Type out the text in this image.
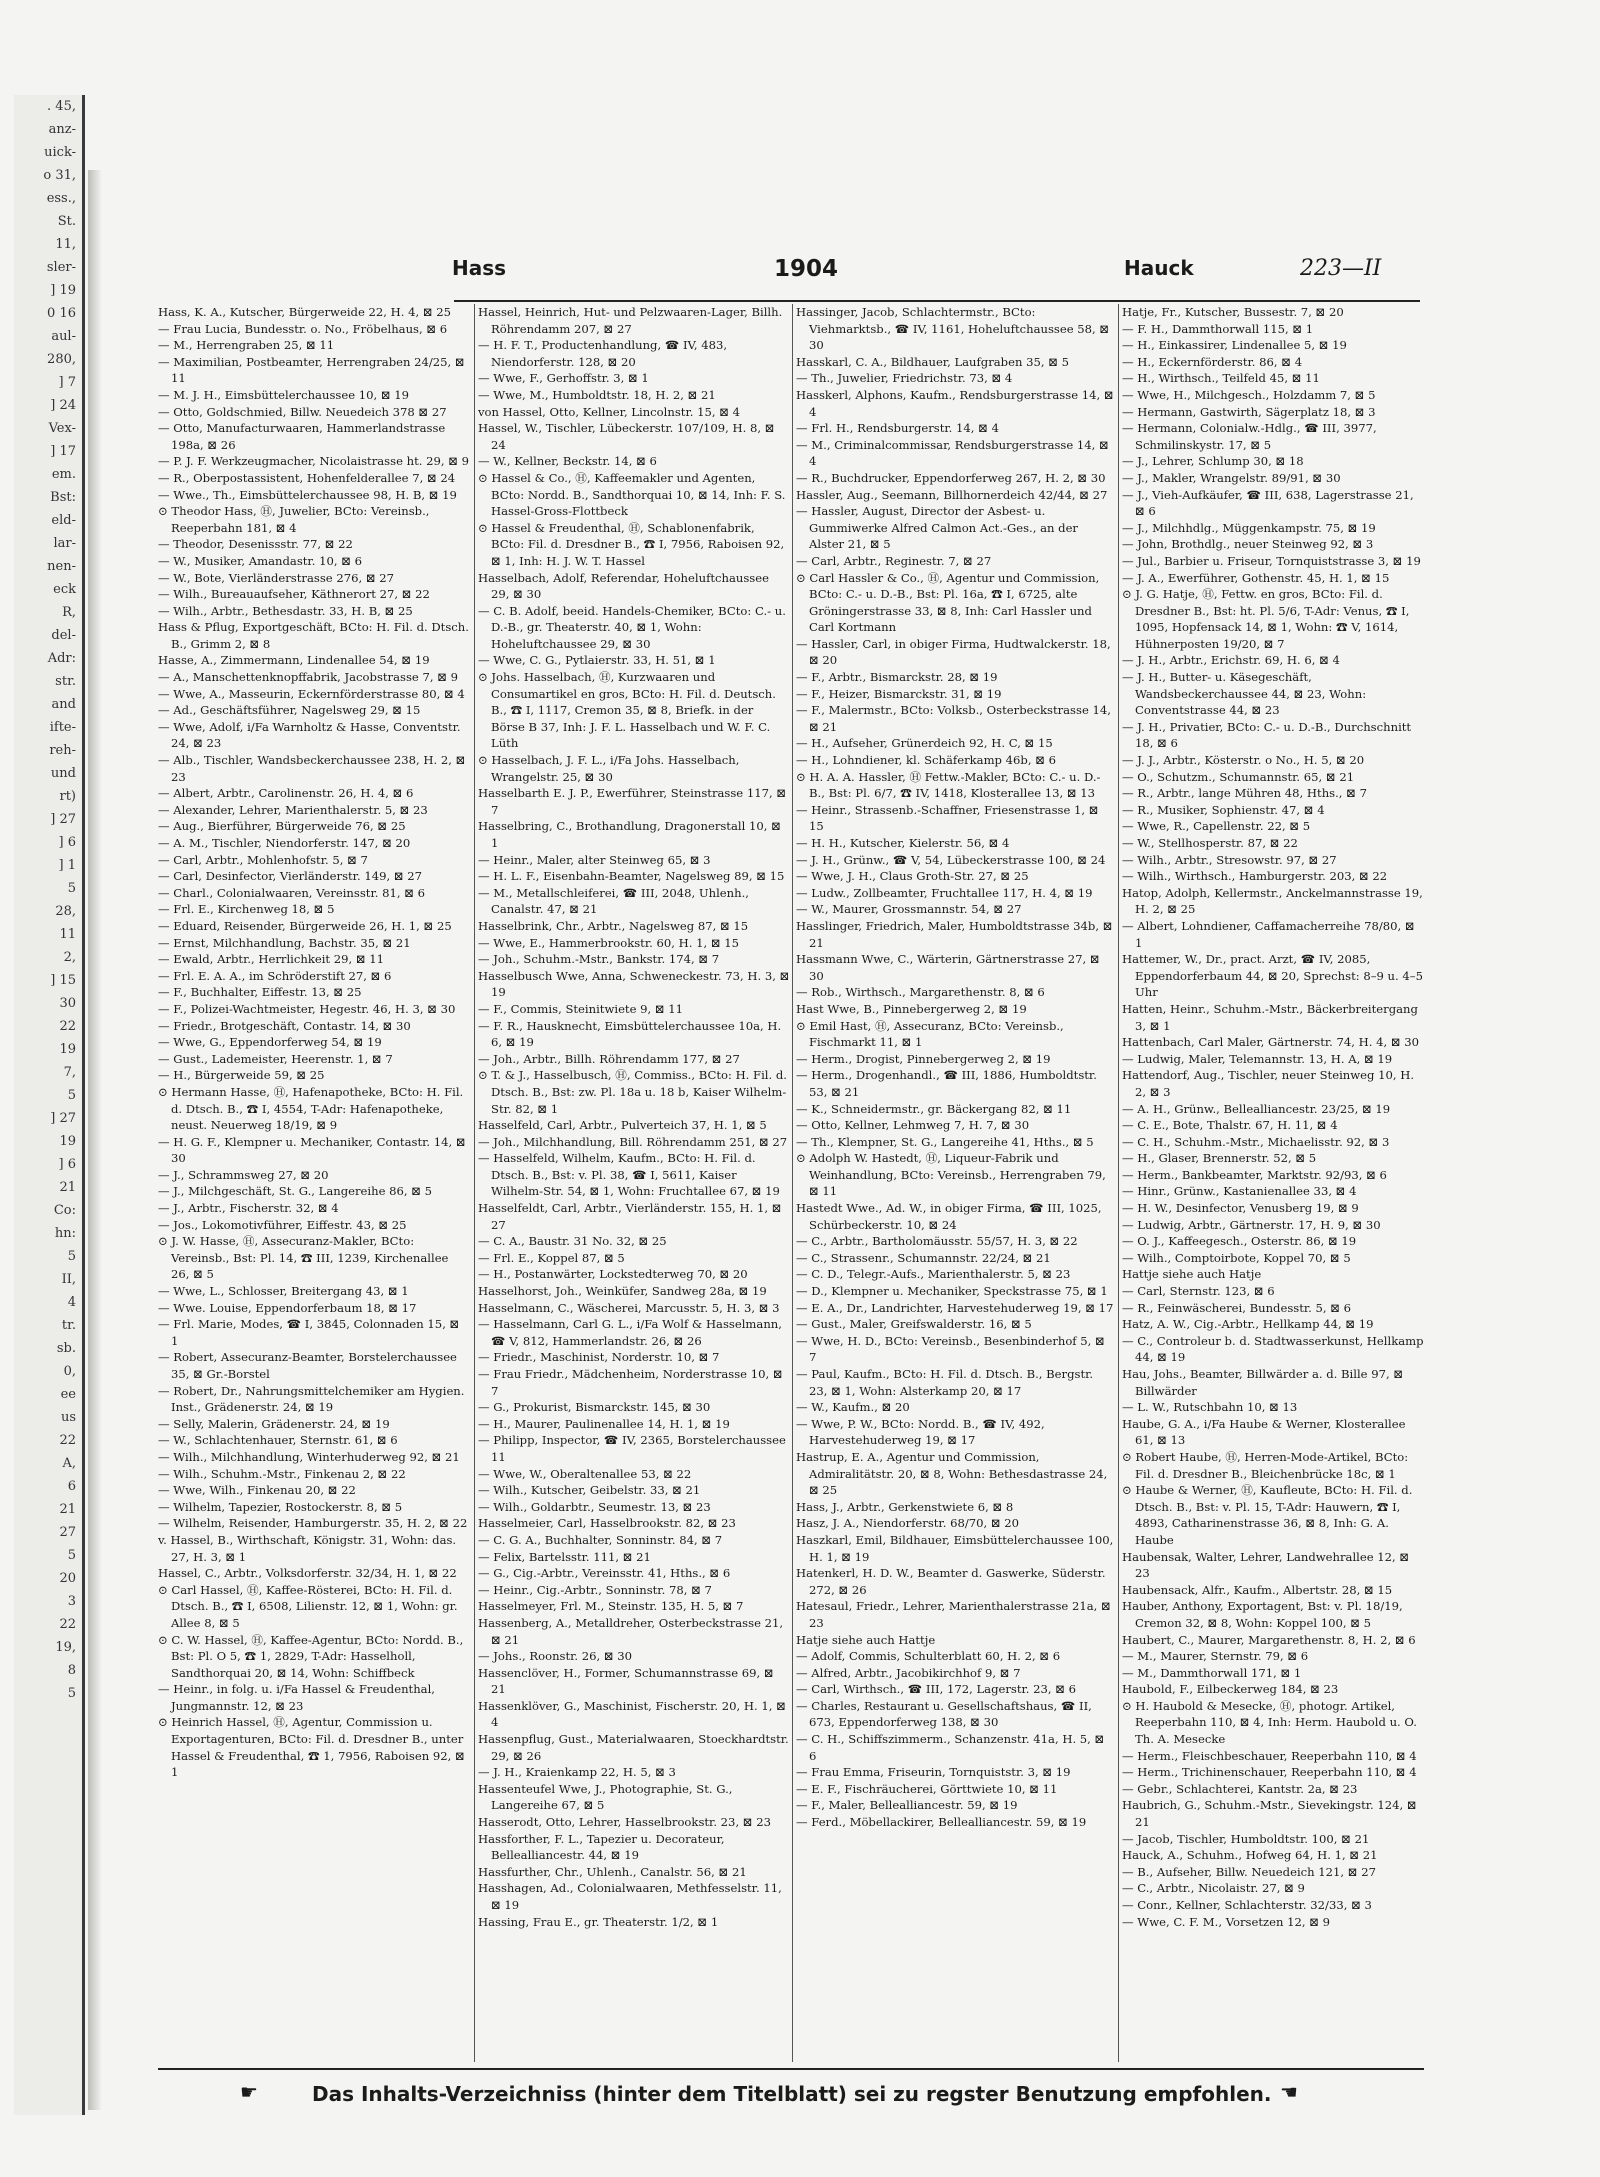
. 45,
anz-
uick-
o 31,
ess.,
St.
11,
sler-
] 19
0 16
aul-
280,
] 7
] 24
Vex-
] 17
em.
Bst:
eld-
lar-
nen-
eck
R,
del-
Adr:
str.
and
ifte-
reh-
und
rt)
] 27
] 6
] 1
5
28,
11
2,
] 15
30
22
19
7,
5
] 27
19
] 6
21
Co:
hn:
5
II,
4
tr.
sb.
0,
ee
us
22
A,
6
21
27
5
20
3
22
19,
8
5
Hass	1904	Hauck	223—II

Hass, K. A., Kutscher, Bürgerweide 22, H. 4, ⊠ 25

— Frau Lucia, Bundesstr. o. No., Fröbelhaus, ⊠ 6

— M., Herrengraben 25, ⊠ 11

— Maximilian, Postbeamter, Herrengraben 24/25, ⊠ 11

— M. J. H., Eimsbüttelerchaussee 10, ⊠ 19

— Otto, Goldschmied, Billw. Neuedeich 378 ⊠ 27

— Otto, Manufacturwaaren, Hammerlandstrasse 198a, ⊠ 26

— P. J. F. Werkzeugmacher, Nicolaistrasse ht. 29, ⊠ 9

— R., Oberpostassistent, Hohenfelderallee 7, ⊠ 24

— Wwe., Th., Eimsbüttelerchaussee 98, H. B, ⊠ 19

⊙ Theodor Hass, Ⓗ, Juwelier, BCto: Vereinsb., Reeperbahn 181, ⊠ 4

— Theodor, Desenissstr. 77, ⊠ 22

— W., Musiker, Amandastr. 10, ⊠ 6

— W., Bote, Vierländerstrasse 276, ⊠ 27

— Wilh., Bureauaufseher, Käthnerort 27, ⊠ 22

— Wilh., Arbtr., Bethesdastr. 33, H. B, ⊠ 25

Hass & Pflug, Exportgeschäft, BCto: H. Fil. d. Dtsch. B., Grimm 2, ⊠ 8

Hasse, A., Zimmermann, Lindenallee 54, ⊠ 19

— A., Manschettenknopffabrik, Jacobstrasse 7, ⊠ 9

— Wwe, A., Masseurin, Eckernförderstrasse 80, ⊠ 4

— Ad., Geschäftsführer, Nagelsweg 29, ⊠ 15

— Wwe, Adolf, i/Fa Warnholtz & Hasse, Conventstr. 24, ⊠ 23

— Alb., Tischler, Wandsbeckerchaussee 238, H. 2, ⊠ 23

— Albert, Arbtr., Carolinenstr. 26, H. 4, ⊠ 6

— Alexander, Lehrer, Marienthalerstr. 5, ⊠ 23

— Aug., Bierführer, Bürgerweide 76, ⊠ 25

— A. M., Tischler, Niendorferstr. 147, ⊠ 20

— Carl, Arbtr., Mohlenhofstr. 5, ⊠ 7

— Carl, Desinfector, Vierländerstr. 149, ⊠ 27

— Charl., Colonialwaaren, Vereinsstr. 81, ⊠ 6

— Frl. E., Kirchenweg 18, ⊠ 5

— Eduard, Reisender, Bürgerweide 26, H. 1, ⊠ 25

— Ernst, Milchhandlung, Bachstr. 35, ⊠ 21

— Ewald, Arbtr., Herrlichkeit 29, ⊠ 11

— Frl. E. A. A., im Schröderstift 27, ⊠ 6

— F., Buchhalter, Eiffestr. 13, ⊠ 25

— F., Polizei-Wachtmeister, Hegestr. 46, H. 3, ⊠ 30

— Friedr., Brotgeschäft, Contastr. 14, ⊠ 30

— Wwe, G., Eppendorferweg 54, ⊠ 19

— Gust., Lademeister, Heerenstr. 1, ⊠ 7

— H., Bürgerweide 59, ⊠ 25

⊙ Hermann Hasse, Ⓗ, Hafenapotheke, BCto: H. Fil. d. Dtsch. B., ☎ I, 4554, T-Adr: Hafenapotheke, neust. Neuerweg 18/19, ⊠ 9

— H. G. F., Klempner u. Mechaniker, Contastr. 14, ⊠ 30

— J., Schrammsweg 27, ⊠ 20

— J., Milchgeschäft, St. G., Langereihe 86, ⊠ 5

— J., Arbtr., Fischerstr. 32, ⊠ 4

— Jos., Lokomotivführer, Eiffestr. 43, ⊠ 25

⊙ J. W. Hasse, Ⓗ, Assecuranz-Makler, BCto: Vereinsb., Bst: Pl. 14, ☎ III, 1239, Kirchenallee 26, ⊠ 5

— Wwe, L., Schlosser, Breitergang 43, ⊠ 1

— Wwe. Louise, Eppendorferbaum 18, ⊠ 17

— Frl. Marie, Modes, ☎ I, 3845, Colonnaden 15, ⊠ 1

— Robert, Assecuranz-Beamter, Borstelerchaussee 35, ⊠ Gr.-Borstel

— Robert, Dr., Nahrungsmittelchemiker am Hygien. Inst., Grädenerstr. 24, ⊠ 19

— Selly, Malerin, Grädenerstr. 24, ⊠ 19

— W., Schlachtenhauer, Sternstr. 61, ⊠ 6

— Wilh., Milchhandlung, Winterhuderweg 92, ⊠ 21

— Wilh., Schuhm.-Mstr., Finkenau 2, ⊠ 22

— Wwe, Wilh., Finkenau 20, ⊠ 22

— Wilhelm, Tapezier, Rostockerstr. 8, ⊠ 5

— Wilhelm, Reisender, Hamburgerstr. 35, H. 2, ⊠ 22

v. Hassel, B., Wirthschaft, Königstr. 31, Wohn: das. 27, H. 3, ⊠ 1

Hassel, C., Arbtr., Volksdorferstr. 32/34, H. 1, ⊠ 22

⊙ Carl Hassel, Ⓗ, Kaffee-Rösterei, BCto: H. Fil. d. Dtsch. B., ☎ I, 6508, Lilienstr. 12, ⊠ 1, Wohn: gr. Allee 8, ⊠ 5

⊙ C. W. Hassel, Ⓗ, Kaffee-Agentur, BCto: Nordd. B., Bst: Pl. O 5, ☎ 1, 2829, T-Adr: Hasselholl, Sandthorquai 20, ⊠ 14, Wohn: Schiffbeck

— Heinr., in folg. u. i/Fa Hassel & Freudenthal, Jungmannstr. 12, ⊠ 23

⊙ Heinrich Hassel, Ⓗ, Agentur, Commission u. Exportagenturen, BCto: Fil. d. Dresdner B., unter Hassel & Freudenthal, ☎ 1, 7956, Raboisen 92, ⊠ 1

Hassel, Heinrich, Hut- und Pelzwaaren-Lager, Billh. Röhrendamm 207, ⊠ 27

— H. F. T., Productenhandlung, ☎ IV, 483, Niendorferstr. 128, ⊠ 20

— Wwe, F., Gerhoffstr. 3, ⊠ 1

— Wwe, M., Humboldtstr. 18, H. 2, ⊠ 21

von Hassel, Otto, Kellner, Lincolnstr. 15, ⊠ 4

Hassel, W., Tischler, Lübeckerstr. 107/109, H. 8, ⊠ 24

— W., Kellner, Beckstr. 14, ⊠ 6

⊙ Hassel & Co., Ⓗ, Kaffeemakler und Agenten, BCto: Nordd. B., Sandthorquai 10, ⊠ 14, Inh: F. S. Hassel-Gross-Flottbeck

⊙ Hassel & Freudenthal, Ⓗ, Schablonenfabrik, BCto: Fil. d. Dresdner B., ☎ I, 7956, Raboisen 92, ⊠ 1, Inh: H. J. W. T. Hassel

Hasselbach, Adolf, Referendar, Hoheluftchaussee 29, ⊠ 30

— C. B. Adolf, beeid. Handels-Chemiker, BCto: C.- u. D.-B., gr. Theaterstr. 40, ⊠ 1, Wohn: Hoheluftchaussee 29, ⊠ 30

— Wwe, C. G., Pytlaierstr. 33, H. 51, ⊠ 1

⊙ Johs. Hasselbach, Ⓗ, Kurzwaaren und Consumartikel en gros, BCto: H. Fil. d. Deutsch. B., ☎ I, 1117, Cremon 35, ⊠ 8, Briefk. in der Börse B 37, Inh: J. F. L. Hasselbach und W. F. C. Lüth

⊙ Hasselbach, J. F. L., i/Fa Johs. Hasselbach, Wrangelstr. 25, ⊠ 30

Hasselbarth E. J. P., Ewerführer, Steinstrasse 117, ⊠ 7

Hasselbring, C., Brothandlung, Dragonerstall 10, ⊠ 1

— Heinr., Maler, alter Steinweg 65, ⊠ 3

— H. L. F., Eisenbahn-Beamter, Nagelsweg 89, ⊠ 15

— M., Metallschleiferei, ☎ III, 2048, Uhlenh., Canalstr. 47, ⊠ 21

Hasselbrink, Chr., Arbtr., Nagelsweg 87, ⊠ 15

— Wwe, E., Hammerbrookstr. 60, H. 1, ⊠ 15

— Joh., Schuhm.-Mstr., Bankstr. 174, ⊠ 7

Hasselbusch Wwe, Anna, Schweneckestr. 73, H. 3, ⊠ 19

— F., Commis, Steinitwiete 9, ⊠ 11

— F. R., Hausknecht, Eimsbüttelerchaussee 10a, H. 6, ⊠ 19

— Joh., Arbtr., Billh. Röhrendamm 177, ⊠ 27

⊙ T. & J., Hasselbusch, Ⓗ, Commiss., BCto: H. Fil. d. Dtsch. B., Bst: zw. Pl. 18a u. 18 b, Kaiser Wilhelm-Str. 82, ⊠ 1

Hasselfeld, Carl, Arbtr., Pulverteich 37, H. 1, ⊠ 5

— Joh., Milchhandlung, Bill. Röhrendamm 251, ⊠ 27

— Hasselfeld, Wilhelm, Kaufm., BCto: H. Fil. d. Dtsch. B., Bst: v. Pl. 38, ☎ I, 5611, Kaiser Wilhelm-Str. 54, ⊠ 1, Wohn: Fruchtallee 67, ⊠ 19

Hasselfeldt, Carl, Arbtr., Vierländerstr. 155, H. 1, ⊠ 27

— C. A., Baustr. 31 No. 32, ⊠ 25

— Frl. E., Koppel 87, ⊠ 5

— H., Postanwärter, Lockstedterweg 70, ⊠ 20

Hasselhorst, Joh., Weinküfer, Sandweg 28a, ⊠ 19

Hasselmann, C., Wäscherei, Marcusstr. 5, H. 3, ⊠ 3

— Hasselmann, Carl G. L., i/Fa Wolf & Hasselmann, ☎ V, 812, Hammerlandstr. 26, ⊠ 26

— Friedr., Maschinist, Norderstr. 10, ⊠ 7

— Frau Friedr., Mädchenheim, Norderstrasse 10, ⊠ 7

— G., Prokurist, Bismarckstr. 145, ⊠ 30

— H., Maurer, Paulinenallee 14, H. 1, ⊠ 19

— Philipp, Inspector, ☎ IV, 2365, Borstelerchaussee 11

— Wwe, W., Oberaltenallee 53, ⊠ 22

— Wilh., Kutscher, Geibelstr. 33, ⊠ 21

— Wilh., Goldarbtr., Seumestr. 13, ⊠ 23

Hasselmeier, Carl, Hasselbrookstr. 82, ⊠ 23

— C. G. A., Buchhalter, Sonninstr. 84, ⊠ 7

— Felix, Bartelsstr. 111, ⊠ 21

— G., Cig.-Arbtr., Vereinsstr. 41, Hths., ⊠ 6

— Heinr., Cig.-Arbtr., Sonninstr. 78, ⊠ 7

Hasselmeyer, Frl. M., Steinstr. 135, H. 5, ⊠ 7

Hassenberg, A., Metalldreher, Osterbeckstrasse 21, ⊠ 21

— Johs., Roonstr. 26, ⊠ 30

Hassenclöver, H., Former, Schumannstrasse 69, ⊠ 21

Hassenklöver, G., Maschinist, Fischerstr. 20, H. 1, ⊠ 4

Hassenpflug, Gust., Materialwaaren, Stoeckhardtstr. 29, ⊠ 26

— J. H., Kraienkamp 22, H. 5, ⊠ 3

Hassenteufel Wwe, J., Photographie, St. G., Langereihe 67, ⊠ 5

Hasserodt, Otto, Lehrer, Hasselbrookstr. 23, ⊠ 23

Hassforther, F. L., Tapezier u. Decorateur, Bellealliancestr. 44, ⊠ 19

Hassfurther, Chr., Uhlenh., Canalstr. 56, ⊠ 21

Hasshagen, Ad., Colonialwaaren, Methfesselstr. 11, ⊠ 19

Hassing, Frau E., gr. Theaterstr. 1/2, ⊠ 1

Hassinger, Jacob, Schlachtermstr., BCto: Viehmarktsb., ☎ IV, 1161, Hoheluftchaussee 58, ⊠ 30

Hasskarl, C. A., Bildhauer, Laufgraben 35, ⊠ 5

— Th., Juwelier, Friedrichstr. 73, ⊠ 4

Hasskerl, Alphons, Kaufm., Rendsburgerstrasse 14, ⊠ 4

— Frl. H., Rendsburgerstr. 14, ⊠ 4

— M., Criminalcommissar, Rendsburgerstrasse 14, ⊠ 4

— R., Buchdrucker, Eppendorferweg 267, H. 2, ⊠ 30

Hassler, Aug., Seemann, Billhornerdeich 42/44, ⊠ 27

— Hassler, August, Director der Asbest- u. Gummiwerke Alfred Calmon Act.-Ges., an der Alster 21, ⊠ 5

— Carl, Arbtr., Reginestr. 7, ⊠ 27

⊙ Carl Hassler & Co., Ⓗ, Agentur und Commission, BCto: C.- u. D.-B., Bst: Pl. 16a, ☎ I, 6725, alte Gröningerstrasse 33, ⊠ 8, Inh: Carl Hassler und Carl Kortmann

— Hassler, Carl, in obiger Firma, Hudtwalckerstr. 18, ⊠ 20

— F., Arbtr., Bismarckstr. 28, ⊠ 19

— F., Heizer, Bismarckstr. 31, ⊠ 19

— F., Malermstr., BCto: Volksb., Osterbeckstrasse 14, ⊠ 21

— H., Aufseher, Grünerdeich 92, H. C, ⊠ 15

— H., Lohndiener, kl. Schäferkamp 46b, ⊠ 6

⊙ H. A. A. Hassler, Ⓗ Fettw.-Makler, BCto: C.- u. D.-B., Bst: Pl. 6/7, ☎ IV, 1418, Klosterallee 13, ⊠ 13

— Heinr., Strassenb.-Schaffner, Friesenstrasse 1, ⊠ 15

— H. H., Kutscher, Kielerstr. 56, ⊠ 4

— J. H., Grünw., ☎ V, 54, Lübeckerstrasse 100, ⊠ 24

— Wwe, J. H., Claus Groth-Str. 27, ⊠ 25

— Ludw., Zollbeamter, Fruchtallee 117, H. 4, ⊠ 19

— W., Maurer, Grossmannstr. 54, ⊠ 27

Hasslinger, Friedrich, Maler, Humboldtstrasse 34b, ⊠ 21

Hassmann Wwe, C., Wärterin, Gärtnerstrasse 27, ⊠ 30

— Rob., Wirthsch., Margarethenstr. 8, ⊠ 6

Hast Wwe, B., Pinnebergerweg 2, ⊠ 19

⊙ Emil Hast, Ⓗ, Assecuranz, BCto: Vereinsb., Fischmarkt 11, ⊠ 1

— Herm., Drogist, Pinnebergerweg 2, ⊠ 19

— Herm., Drogenhandl., ☎ III, 1886, Humboldtstr. 53, ⊠ 21

— K., Schneidermstr., gr. Bäckergang 82, ⊠ 11

— Otto, Kellner, Lehmweg 7, H. 7, ⊠ 30

— Th., Klempner, St. G., Langereihe 41, Hths., ⊠ 5

⊙ Adolph W. Hastedt, Ⓗ, Liqueur-Fabrik und Weinhandlung, BCto: Vereinsb., Herrengraben 79, ⊠ 11

Hastedt Wwe., Ad. W., in obiger Firma, ☎ III, 1025, Schürbeckerstr. 10, ⊠ 24

— C., Arbtr., Bartholomäusstr. 55/57, H. 3, ⊠ 22

— C., Strassenr., Schumannstr. 22/24, ⊠ 21

— C. D., Telegr.-Aufs., Marienthalerstr. 5, ⊠ 23

— D., Klempner u. Mechaniker, Speckstrasse 75, ⊠ 1

— E. A., Dr., Landrichter, Harvestehuderweg 19, ⊠ 17

— Gust., Maler, Greifswalderstr. 16, ⊠ 5

— Wwe, H. D., BCto: Vereinsb., Besenbinderhof 5, ⊠ 7

— Paul, Kaufm., BCto: H. Fil. d. Dtsch. B., Bergstr. 23, ⊠ 1, Wohn: Alsterkamp 20, ⊠ 17

— W., Kaufm., ⊠ 20

— Wwe, P. W., BCto: Nordd. B., ☎ IV, 492, Harvestehuderweg 19, ⊠ 17

Hastrup, E. A., Agentur und Commission, Admiralitätstr. 20, ⊠ 8, Wohn: Bethesdastrasse 24, ⊠ 25

Hass, J., Arbtr., Gerkenstwiete 6, ⊠ 8

Hasz, J. A., Niendorferstr. 68/70, ⊠ 20

Haszkarl, Emil, Bildhauer, Eimsbüttelerchaussee 100, H. 1, ⊠ 19

Hatenkerl, H. D. W., Beamter d. Gaswerke, Süderstr. 272, ⊠ 26

Hatesaul, Friedr., Lehrer, Marienthalerstrasse 21a, ⊠ 23

Hatje siehe auch Hattje

— Adolf, Commis, Schulterblatt 60, H. 2, ⊠ 6

— Alfred, Arbtr., Jacobikirchhof 9, ⊠ 7

— Carl, Wirthsch., ☎ III, 172, Lagerstr. 23, ⊠ 6

— Charles, Restaurant u. Gesellschaftshaus, ☎ II, 673, Eppendorferweg 138, ⊠ 30

— C. H., Schiffszimmerm., Schanzenstr. 41a, H. 5, ⊠ 6

— Frau Emma, Friseurin, Tornquiststr. 3, ⊠ 19

— E. F., Fischräucherei, Görttwiete 10, ⊠ 11

— F., Maler, Bellealliancestr. 59, ⊠ 19

— Ferd., Möbellackirer, Bellealliancestr. 59, ⊠ 19

Hatje, Fr., Kutscher, Bussestr. 7, ⊠ 20

— F. H., Dammthorwall 115, ⊠ 1

— H., Einkassirer, Lindenallee 5, ⊠ 19

— H., Eckernförderstr. 86, ⊠ 4

— H., Wirthsch., Teilfeld 45, ⊠ 11

— Wwe, H., Milchgesch., Holzdamm 7, ⊠ 5

— Hermann, Gastwirth, Sägerplatz 18, ⊠ 3

— Hermann, Colonialw.-Hdlg., ☎ III, 3977, Schmilinskystr. 17, ⊠ 5

— J., Lehrer, Schlump 30, ⊠ 18

— J., Makler, Wrangelstr. 89/91, ⊠ 30

— J., Vieh-Aufkäufer, ☎ III, 638, Lagerstrasse 21, ⊠ 6

— J., Milchhdlg., Müggenkampstr. 75, ⊠ 19

— John, Brothdlg., neuer Steinweg 92, ⊠ 3

— Jul., Barbier u. Friseur, Tornquiststrasse 3, ⊠ 19

— J. A., Ewerführer, Gothenstr. 45, H. 1, ⊠ 15

⊙ J. G. Hatje, Ⓗ, Fettw. en gros, BCto: Fil. d. Dresdner B., Bst: ht. Pl. 5/6, T-Adr: Venus, ☎ I, 1095, Hopfensack 14, ⊠ 1, Wohn: ☎ V, 1614, Hühnerposten 19/20, ⊠ 7

— J. H., Arbtr., Erichstr. 69, H. 6, ⊠ 4

— J. H., Butter- u. Käsegeschäft, Wandsbeckerchaussee 44, ⊠ 23, Wohn: Conventstrasse 44, ⊠ 23

— J. H., Privatier, BCto: C.- u. D.-B., Durchschnitt 18, ⊠ 6

— J. J., Arbtr., Kösterstr. o No., H. 5, ⊠ 20

— O., Schutzm., Schumannstr. 65, ⊠ 21

— R., Arbtr., lange Mühren 48, Hths., ⊠ 7

— R., Musiker, Sophienstr. 47, ⊠ 4

— Wwe, R., Capellenstr. 22, ⊠ 5

— W., Stellhosperstr. 87, ⊠ 22

— Wilh., Arbtr., Stresowstr. 97, ⊠ 27

— Wilh., Wirthsch., Hamburgerstr. 203, ⊠ 22

Hatop, Adolph, Kellermstr., Anckelmannstrasse 19, H. 2, ⊠ 25

— Albert, Lohndiener, Caffamacherreihe 78/80, ⊠ 1

Hattemer, W., Dr., pract. Arzt, ☎ IV, 2085, Eppendorferbaum 44, ⊠ 20, Sprechst: 8–9 u. 4–5 Uhr

Hatten, Heinr., Schuhm.-Mstr., Bäckerbreitergang 3, ⊠ 1

Hattenbach, Carl Maler, Gärtnerstr. 74, H. 4, ⊠ 30

— Ludwig, Maler, Telemannstr. 13, H. A, ⊠ 19

Hattendorf, Aug., Tischler, neuer Steinweg 10, H. 2, ⊠ 3

— A. H., Grünw., Bellealliancestr. 23/25, ⊠ 19

— C. E., Bote, Thalstr. 67, H. 11, ⊠ 4

— C. H., Schuhm.-Mstr., Michaelisstr. 92, ⊠ 3

— H., Glaser, Brennerstr. 52, ⊠ 5

— Herm., Bankbeamter, Marktstr. 92/93, ⊠ 6

— Hinr., Grünw., Kastanienallee 33, ⊠ 4

— H. W., Desinfector, Venusberg 19, ⊠ 9

— Ludwig, Arbtr., Gärtnerstr. 17, H. 9, ⊠ 30

— O. J., Kaffeegesch., Osterstr. 86, ⊠ 19

— Wilh., Comptoirbote, Koppel 70, ⊠ 5

Hattje siehe auch Hatje

— Carl, Sternstr. 123, ⊠ 6

— R., Feinwäscherei, Bundesstr. 5, ⊠ 6

Hatz, A. W., Cig.-Arbtr., Hellkamp 44, ⊠ 19

— C., Controleur b. d. Stadtwasserkunst, Hellkamp 44, ⊠ 19

Hau, Johs., Beamter, Billwärder a. d. Bille 97, ⊠ Billwärder

— L. W., Rutschbahn 10, ⊠ 13

Haube, G. A., i/Fa Haube & Werner, Klosterallee 61, ⊠ 13

⊙ Robert Haube, Ⓗ, Herren-Mode-Artikel, BCto: Fil. d. Dresdner B., Bleichenbrücke 18c, ⊠ 1

⊙ Haube & Werner, Ⓗ, Kaufleute, BCto: H. Fil. d. Dtsch. B., Bst: v. Pl. 15, T-Adr: Hauwern, ☎ I, 4893, Catharinenstrasse 36, ⊠ 8, Inh: G. A. Haube

Haubensak, Walter, Lehrer, Landwehrallee 12, ⊠ 23

Haubensack, Alfr., Kaufm., Albertstr. 28, ⊠ 15

Hauber, Anthony, Exportagent, Bst: v. Pl. 18/19, Cremon 32, ⊠ 8, Wohn: Koppel 100, ⊠ 5

Haubert, C., Maurer, Margarethenstr. 8, H. 2, ⊠ 6

— M., Maurer, Sternstr. 79, ⊠ 6

— M., Dammthorwall 171, ⊠ 1

Haubold, F., Eilbeckerweg 184, ⊠ 23

⊙ H. Haubold & Mesecke, Ⓗ, photogr. Artikel, Reeperbahn 110, ⊠ 4, Inh: Herm. Haubold u. O. Th. A. Mesecke

— Herm., Fleischbeschauer, Reeperbahn 110, ⊠ 4

— Herm., Trichinenschauer, Reeperbahn 110, ⊠ 4

— Gebr., Schlachterei, Kantstr. 2a, ⊠ 23

Haubrich, G., Schuhm.-Mstr., Sievekingstr. 124, ⊠ 21

— Jacob, Tischler, Humboldtstr. 100, ⊠ 21

Hauck, A., Schuhm., Hofweg 64, H. 1, ⊠ 21

— B., Aufseher, Billw. Neuedeich 121, ⊠ 27

— C., Arbtr., Nicolaistr. 27, ⊠ 9

— Conr., Kellner, Schlachterstr. 32/33, ⊠ 3

— Wwe, C. F. M., Vorsetzen 12, ⊠ 9

☛	Das Inhalts-Verzeichniss (hinter dem Titelblatt) sei zu regster Benutzung empfohlen. ☚
